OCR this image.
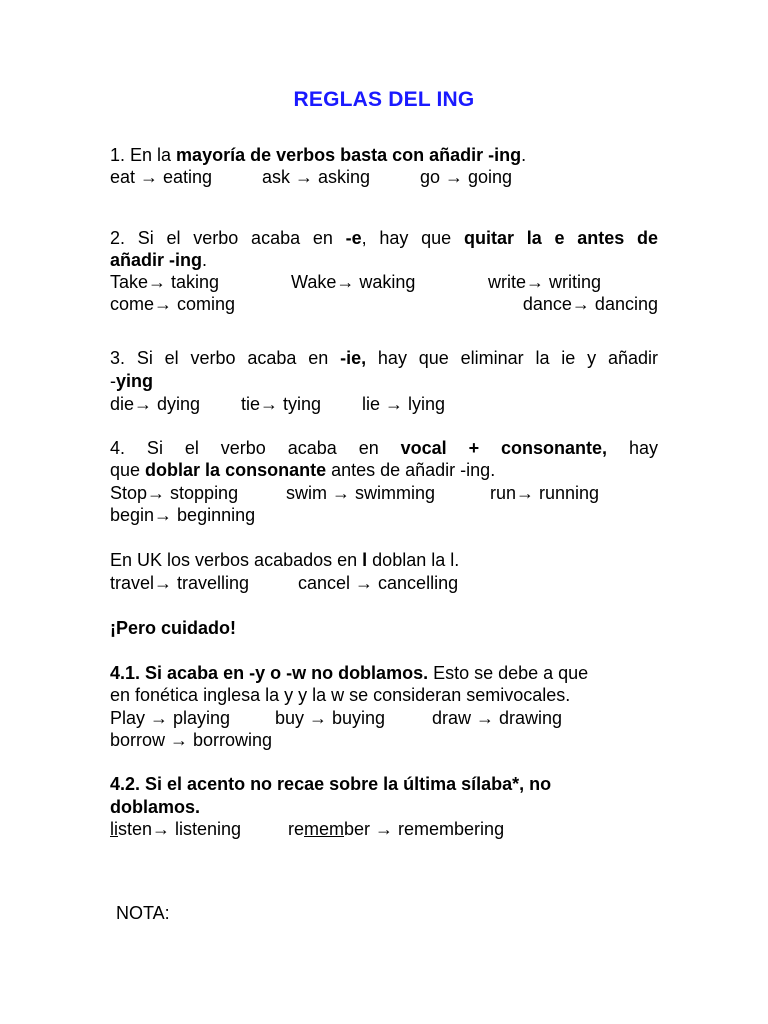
REGLAS DEL ING
1. En la mayoría de verbos basta con añadir -ing.
eat → eating	ask → asking	go → going
2. Si el verbo acaba en -e, hay que quitar la e antes de
añadir -ing.
Take→ taking	Wake→ waking	write→ writing
come→ coming	dance→ dancing
3. Si el verbo acaba en -ie, hay que eliminar la ie y añadir
-ying
die→ dying tie→ tying lie → lying
4. Si el verbo acaba en vocal + consonante, hay
que doblar la consonante antes de añadir -ing.
Stop→ stopping	swim → swimming	run→ running
begin→ beginning
En UK los verbos acabados en l doblan la l.
travel→ travelling	cancel → cancelling
¡Pero cuidado!
4.1. Si acaba en -y o -w no doblamos. Esto se debe a que
en fonética inglesa la y y la w se consideran semivocales.
Play → playing buy → buying	draw → drawing
borrow → borrowing
4.2. Si el acento no recae sobre la última sílaba*, no
doblamos.
listen→ listening	remember → remembering
NOTA:
